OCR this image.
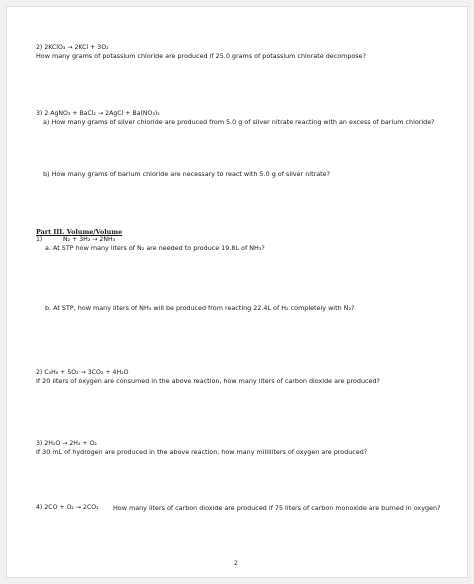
2) 2KClO₃ → 2KCl + 3O₂
How many grams of potassium chloride are produced if 25.0 grams of potassium chlorate decompose?
3) 2 AgNO₃ + BaCl₂ → 2AgCl + Ba(NO₃)₂
a) How many grams of silver chloride are produced from 5.0 g of silver nitrate reacting with an excess of barium chloride?
b) How many grams of barium chloride are necessary to react with 5.0 g of silver nitrate?
Part III. Volume/Volume
1)	N₂ + 3H₂ → 2NH₃
a. At STP how many liters of N₂ are needed to produce 19.8L of NH₃?
b. At STP, how many liters of NH₃ will be produced from reacting 22.4L of H₂ completely with N₂?
2) C₃H₈ + 5O₂ → 3CO₂ + 4H₂O
If 20 liters of oxygen are consumed in the above reaction, how many liters of carbon dioxide are produced?
3) 2H₂O → 2H₂ + O₂
If 30 mL of hydrogen are produced in the above reaction, how many milliliters of oxygen are produced?
4) 2CO + O₂ → 2CO₂ How many liters of carbon dioxide are produced if 75 liters of carbon monoxide are burned in oxygen?
2
